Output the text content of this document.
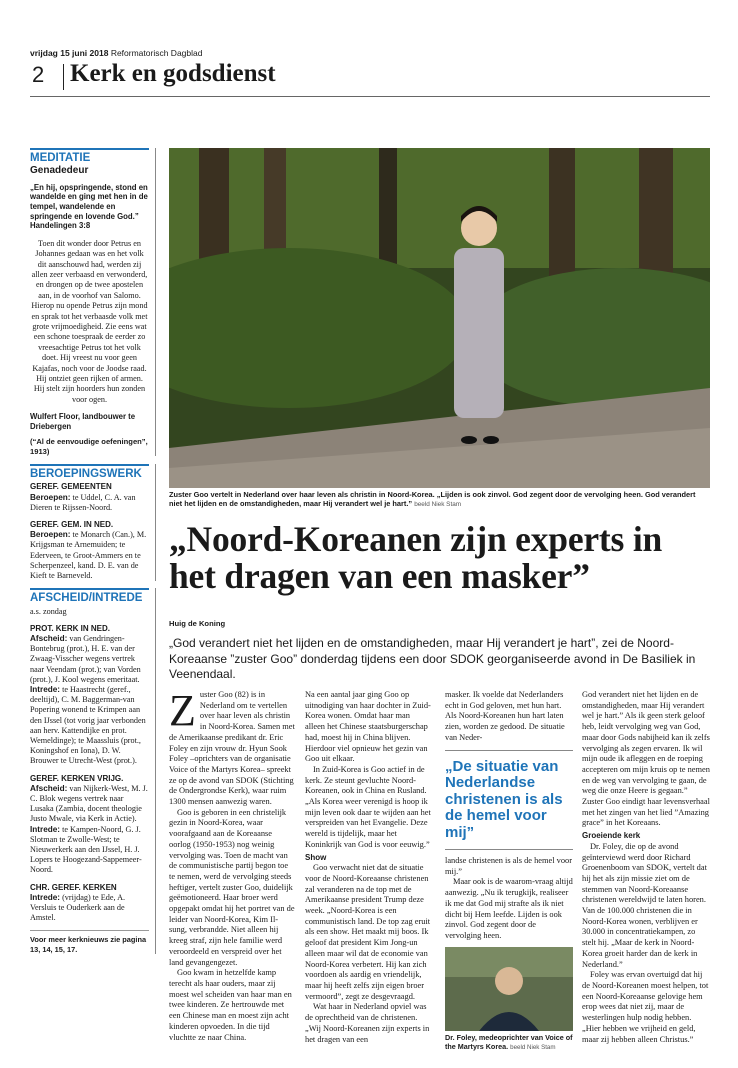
vrijdag 15 juni 2018 Reformatorisch Dagblad
2 Kerk en godsdienst
MEDITATIE
Genadedeur
„En hij, opspringende, stond en wandelde en ging met hen in de tempel, wandelende en springende en lovende God.” Handelingen 3:8
Toen dit wonder door Petrus en Johannes gedaan was en het volk dit aanschouwd had, werden zij allen zeer verbaasd en verwonderd, en drongen op de twee apostelen aan, in de voorhof van Salomo. Hierop nu opende Petrus zijn mond en sprak tot het verbaasde volk met grote vrijmoedigheid. Zie eens wat een schone toespraak de eerder zo vreesachtige Petrus tot het volk doet. Hij vreest nu voor geen Kajafas, noch voor de Joodse raad. Hij ontziet geen rijken of armen. Hij stelt zijn hoorders hun zonden voor ogen.
Wulfert Floor, landbouwer te Driebergen
(“Al de eenvoudige oefeningen”, 1913)
BEROEPINGSWERK
GEREF. GEMEENTEN
Beroepen: te Uddel, C. A. van Dieren te Rijssen-Noord.
GEREF. GEM. IN NED.
Beroepen: te Monarch (Can.), M. Krijgsman te Arnemuiden; te Ederveen, te Groot-Ammers en te Scherpenzeel, kand. D. E. van de Kieft te Barneveld.
AFSCHEID/INTREDE
a.s. zondag
PROT. KERK IN NED.
Afscheid: van Gendringen-Bontebrug (prot.), H. E. van der Zwaag-Visscher wegens vertrek naar Veendam (prot.); van Vorden (prot.), J. Kool wegens emeritaat.
Intrede: te Haastrecht (geref., deeltijd), C. M. Baggerman-van Popering wonend te Krimpen aan den IJssel (tot vorig jaar verbonden aan herv. Kattendijke en prot. Wemeldinge); te Maassluis (prot., Koningshof en Iona), D. W. Brouwer te Utrecht-West (prot.).
GEREF. KERKEN VRIJG.
Afscheid: van Nijkerk-West, M. J. C. Blok wegens vertrek naar Lusaka (Zambia, docent theologie Justo Mwale, via Kerk in Actie).
Intrede: te Kampen-Noord, G. J. Slotman te Zwolle-West; te Nieuwerkerk aan den IJssel, H. J. Lopers te Hoogezand-Sappemeer-Noord.
CHR. GEREF. KERKEN
Intrede: (vrijdag) te Ede, A. Versluis te Ouderkerk aan de Amstel.
Voor meer kerknieuws zie pagina 13, 14, 15, 17.
Zuster Goo vertelt in Nederland over haar leven als christin in Noord-Korea. „Lijden is ook zinvol. God zegent door de vervolging heen. God verandert niet het lijden en de omstandigheden, maar Hij verandert wel je hart.” beeld Niek Stam
„Noord-Koreanen zijn experts in het dragen van een masker”
Huig de Koning

„God verandert niet het lijden en de omstandigheden, maar Hij verandert je hart”, zei de Noord-Koreaanse ”zuster Goo” donderdag tijdens een door SDOK georganiseerde avond in De Basiliek in Veenendaal.

Zuster Goo (82) is in Nederland om te vertellen over haar leven als christin in Noord-Korea. Samen met de Amerikaanse predikant dr. Eric Foley en zijn vrouw dr. Hyun Sook Foley –oprichters van de organisatie Voice of the Martyrs Korea– spreekt ze op de avond van SDOK (Stichting de Ondergrondse Kerk), waar ruim 1300 mensen aanwezig waren.

Goo is geboren in een christelijk gezin in Noord-Korea, waar voorafgaand aan de Koreaanse oorlog (1950-1953) nog weinig vervolging was. Toen de macht van de communistische partij begon toe te nemen, werd de vervolging steeds heftiger, vertelt zuster Goo, duidelijk geëmotioneerd. Haar broer werd opgepakt omdat hij het portret van de leider van Noord-Korea, Kim Il-sung, verbrandde. Niet alleen hij kreeg straf, zijn hele familie werd veroordeeld en verspreid over het land gevangengezet.

Goo kwam in hetzelfde kamp terecht als haar ouders, maar zij moest wel scheiden van haar man en twee kinderen. Ze hertrouwde met een Chinese man en moest zijn acht kinderen opvoeden. In die tijd vluchtte ze naar China.

Na een aantal jaar ging Goo op uitnodiging van haar dochter in Zuid-Korea wonen. Omdat haar man alleen het Chinese staatsburgerschap had, moest hij in China blijven. Hierdoor viel opnieuw het gezin van Goo uit elkaar.

In Zuid-Korea is Goo actief in de kerk. Ze steunt gevluchte Noord-Koreanen, ook in China en Rusland. „Als Korea weer verenigd is hoop ik mijn leven ook daar te wijden aan het verspreiden van het Evangelie. Deze wereld is tijdelijk, maar het Koninkrijk van God is voor eeuwig.”

Show

Goo verwacht niet dat de situatie voor de Noord-Koreaanse christenen zal veranderen na de top met de Amerikaanse president Trump deze week. „Noord-Korea is een communistisch land. De top zag eruit als een show. Het maakt mij boos. Ik geloof dat president Kim Jong-un alleen maar wil dat de economie van Noord-Korea verbetert. Hij kan zich voordoen als aardig en vriendelijk, maar hij heeft zelfs zijn eigen broer vermoord”, zegt ze desgevraagd.

Wat haar in Nederland opviel was de oprechtheid van de christenen. „Wij Noord-Koreanen zijn experts in het dragen van een

masker. Ik voelde dat Nederlanders echt in God geloven, met hun hart. Als Noord-Koreanen hun hart laten zien, worden ze gedood. De situatie van Neder-

„De situatie van Nederlandse christenen is als de hemel voor mij”

landse christenen is als de hemel voor mij.”

Maar ook is de waarom-vraag altijd aanwezig. „Nu ik terugkijk, realiseer ik me dat God mij strafte als ik niet dicht bij Hem leefde. Lijden is ook zinvol. God zegent door de vervolging heen.

Dr. Foley, medeoprichter van Voice of the Martyrs Korea. beeld Niek Stam

God verandert niet het lijden en de omstandigheden, maar Hij verandert wel je hart.” Als ik geen sterk geloof heb, leidt vervolging weg van God, maar door Gods nabijheid kan ik zelfs vervolging als zegen ervaren. Ik wil mijn oude ik afleggen en de roeping accepteren om mijn kruis op te nemen en de weg van vervolging te gaan, de weg die onze Heere is gegaan.” Zuster Goo eindigt haar levensverhaal met het zingen van het lied ”Amazing grace” in het Koreaans.

Groeiende kerk

Dr. Foley, die op de avond geïnterviewd werd door Richard Groenenboom van SDOK, vertelt dat hij het als zijn missie ziet om de stemmen van Noord-Koreaanse christenen wereldwijd te laten horen. Van de 100.000 christenen die in Noord-Korea wonen, verblijven er 30.000 in concentratiekampen, zo stelt hij. „Maar de kerk in Noord-Korea groeit harder dan de kerk in Nederland.”

Foley was ervan overtuigd dat hij de Noord-Koreanen moest helpen, tot een Noord-Koreaanse gelovige hem erop wees dat niet zij, maar de westerlingen hulp nodig hebben. „Hier hebben we vrijheid en geld, maar zij hebben alleen Christus.”
